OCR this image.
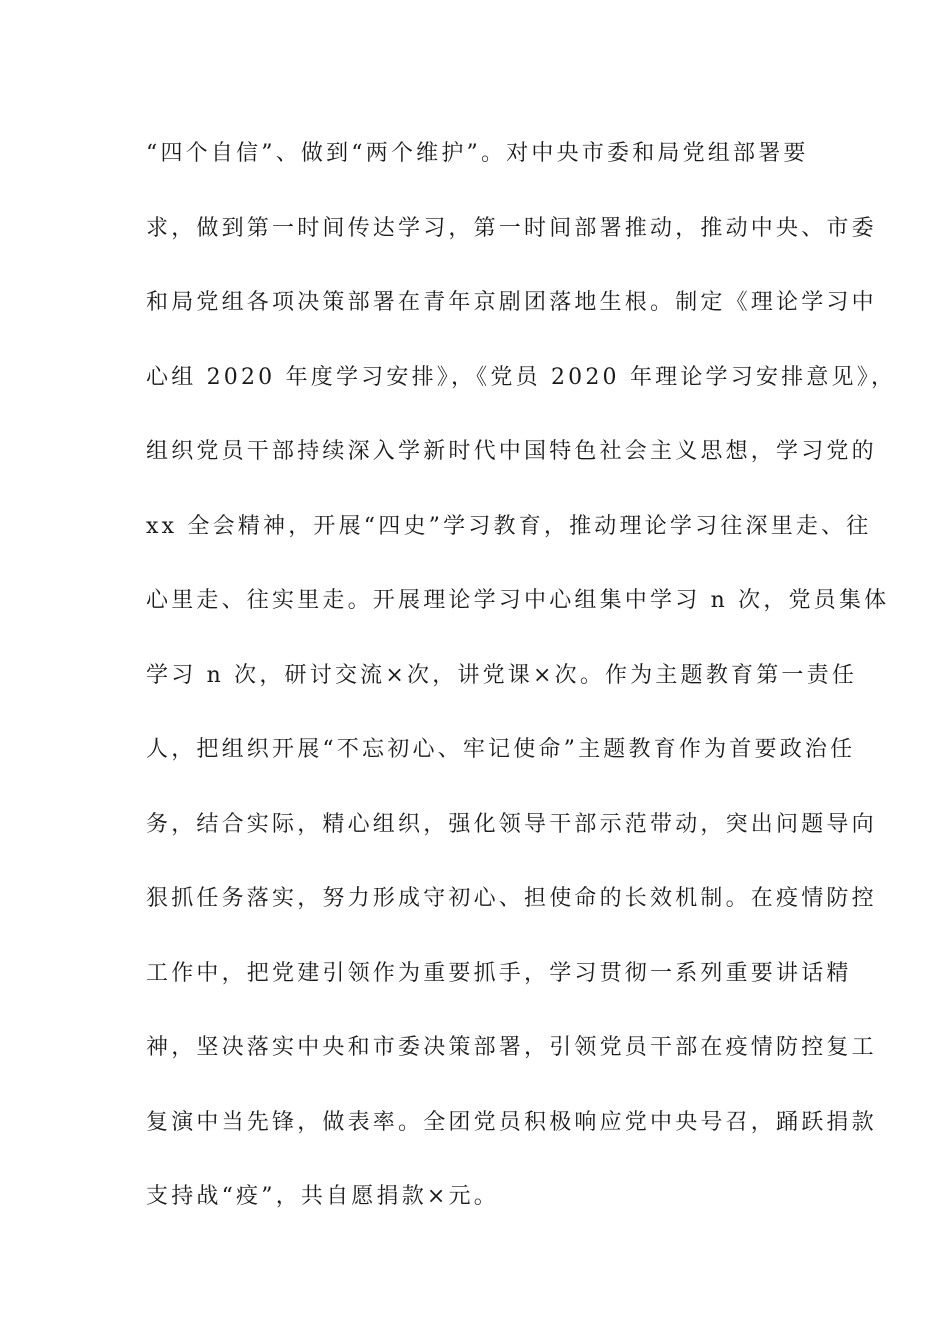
“四个自信”、做到“两个维护”。对中央市委和局党组部署要
求，做到第一时间传达学习，第一时间部署推动，推动中央、市委
和局党组各项决策部署在青年京剧团落地生根。制定《理论学习中
心组 2020 年度学习安排》，《党员 2020 年理论学习安排意见》，
组织党员干部持续深入学新时代中国特色社会主义思想，学习党的
xx 全会精神，开展“四史”学习教育，推动理论学习往深里走、往
心里走、往实里走。开展理论学习中心组集中学习 n 次，党员集体
学习 n 次，研讨交流×次，讲党课×次。作为主题教育第一责任
人，把组织开展“不忘初心、牢记使命”主题教育作为首要政治任
务，结合实际，精心组织，强化领导干部示范带动，突出问题导向
狠抓任务落实，努力形成守初心、担使命的长效机制。在疫情防控
工作中，把党建引领作为重要抓手，学习贯彻一系列重要讲话精
神，坚决落实中央和市委决策部署，引领党员干部在疫情防控复工
复演中当先锋，做表率。全团党员积极响应党中央号召，踊跃捐款
支持战“疫”，共自愿捐款×元。
